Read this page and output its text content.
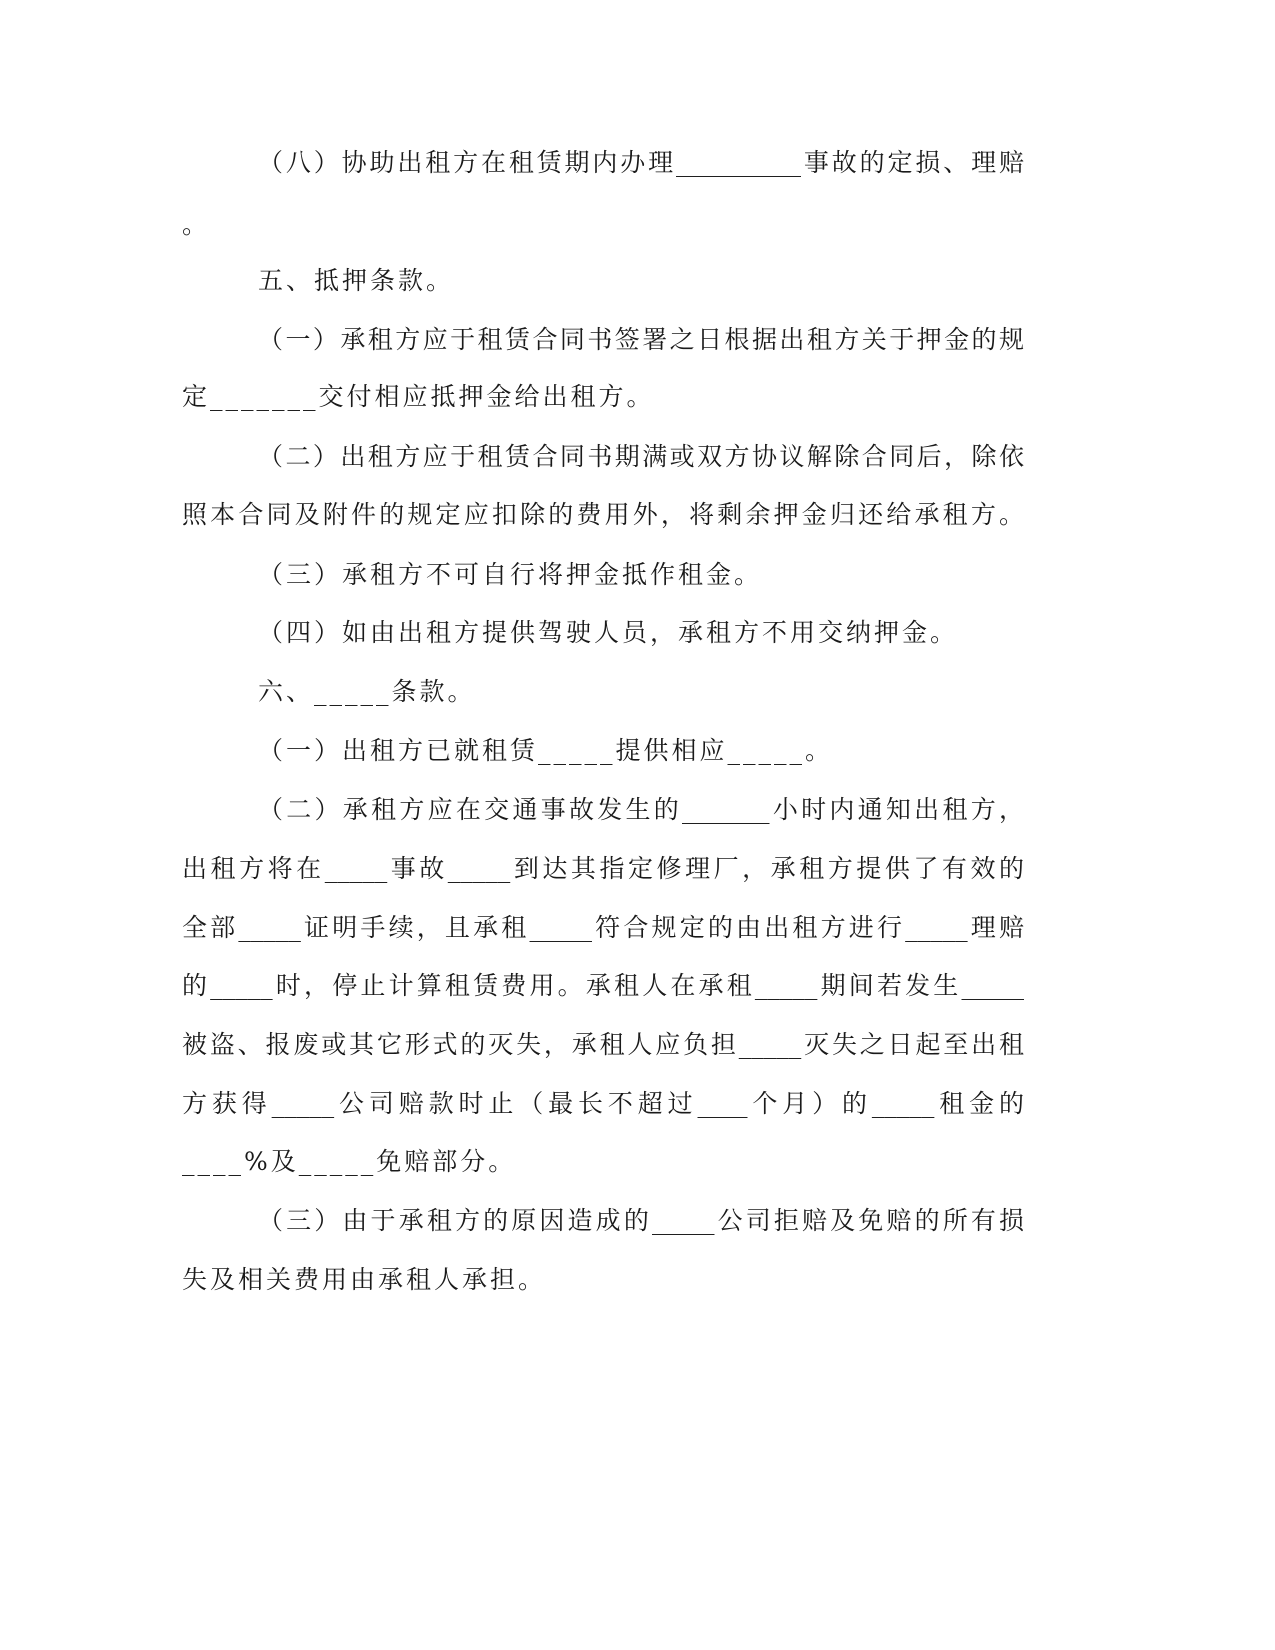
（八）协助出租方在租赁期内办理__________事故的定损、理赔
。
五、抵押条款。
（一）承租方应于租赁合同书签署之日根据出租方关于押金的规
定_______交付相应抵押金给出租方。
（二）出租方应于租赁合同书期满或双方协议解除合同后，除依
照本合同及附件的规定应扣除的费用外，将剩余押金归还给承租方。
（三）承租方不可自行将押金抵作租金。
（四）如由出租方提供驾驶人员，承租方不用交纳押金。
六、_____条款。
（一）出租方已就租赁_____提供相应_____。
（二）承租方应在交通事故发生的_______小时内通知出租方，
出租方将在_____事故_____到达其指定修理厂，承租方提供了有效的
全部_____证明手续，且承租_____符合规定的由出租方进行_____理赔
的_____时，停止计算租赁费用。承租人在承租_____期间若发生_____
被盗、报废或其它形式的灭失，承租人应负担_____灭失之日起至出租
方获得_____公司赔款时止（最长不超过____个月）的_____租金的
____%及_____免赔部分。
（三）由于承租方的原因造成的_____公司拒赔及免赔的所有损
失及相关费用由承租人承担。
